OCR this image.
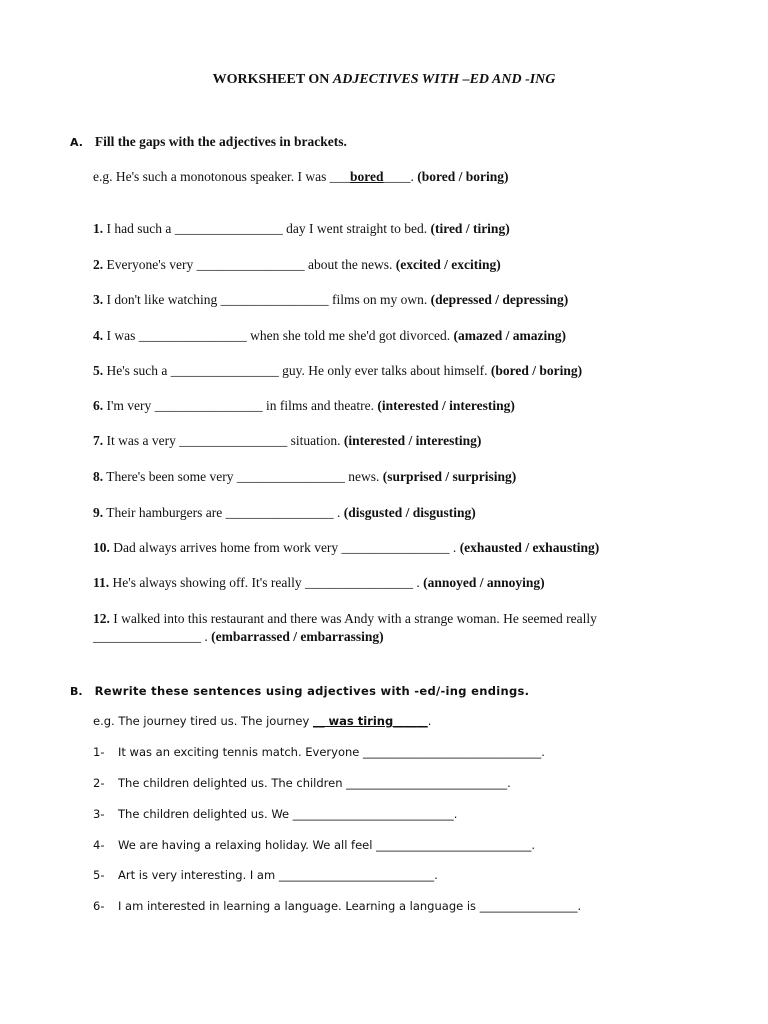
WORKSHEET ON ADJECTIVES WITH –ED AND -ING
A. Fill the gaps with the adjectives in brackets.
e.g. He's such a monotonous speaker. I was ___bored____. (bored / boring)
1. I had such a ________________ day I went straight to bed. (tired / tiring)
2. Everyone's very ________________ about the news. (excited / exciting)
3. I don't like watching ________________ films on my own. (depressed / depressing)
4. I was ________________ when she told me she'd got divorced. (amazed / amazing)
5. He's such a ________________ guy. He only ever talks about himself. (bored / boring)
6. I'm very ________________ in films and theatre. (interested / interesting)
7. It was a very ________________ situation. (interested / interesting)
8. There's been some very ________________ news. (surprised / surprising)
9. Their hamburgers are ________________ . (disgusted / disgusting)
10. Dad always arrives home from work very ________________ . (exhausted / exhausting)
11. He's always showing off. It's really ________________ . (annoyed / annoying)
12. I walked into this restaurant and there was Andy with a strange woman. He seemed really
________________ . (embarrassed / embarrassing)
B. Rewrite these sentences using adjectives with -ed/-ing endings.
e.g. The journey tired us. The journey __ was tiring______.
1- It was an exciting tennis match. Everyone _______________________________.
2- The children delighted us. The children ____________________________.
3- The children delighted us. We ____________________________.
4- We are having a relaxing holiday. We all feel ___________________________.
5- Art is very interesting. I am ___________________________.
6- I am interested in learning a language. Learning a language is _________________.
